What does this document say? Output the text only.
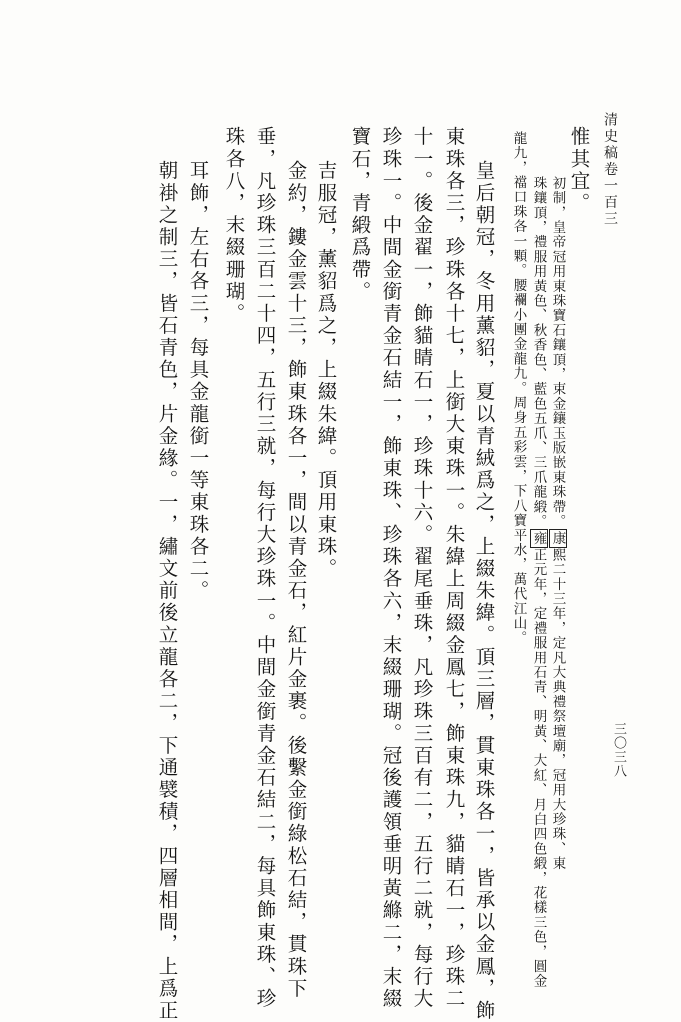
清史稿卷一百三
三〇三八
惟其宜。
初制，皇帝冠用東珠寶石鑲頂，束金鑲玉版嵌東珠帶。康熙二十三年，定凡大典禮祭壇廟，冠用大珍珠、東
珠鑲頂，禮服用黃色、秋香色、藍色五爪、三爪龍緞。雍正元年，定禮服用石青、明黃、大紅、月白四色緞，花樣三色，圓金
龍九，襠口珠各一顆。腰襴小團金龍九。周身五彩雲，下八寶平水，萬代江山。
皇后朝冠，冬用薰貂，夏以青絨爲之，上綴朱緯。頂三層，貫東珠各一，皆承以金鳳，飾
東珠各三，珍珠各十七，上銜大東珠一。朱緯上周綴金鳳七，飾東珠九，貓睛石一，珍珠二
十一。後金翟一，飾貓睛石一，珍珠十六。翟尾垂珠，凡珍珠三百有二，五行二就，每行大
珍珠一。中間金銜青金石結一，飾東珠、珍珠各六，末綴珊瑚。冠後護領垂明黃縧二，末綴
寶石，青緞爲帶。
吉服冠，薰貂爲之，上綴朱緯。頂用東珠。
金約，鏤金雲十三，飾東珠各一，間以青金石，紅片金裹。後繫金銜綠松石結，貫珠下
垂，凡珍珠三百二十四，五行三就，每行大珍珠一。中間金銜青金石結二，每具飾東珠、珍
珠各八，末綴珊瑚。
耳飾，左右各三，每具金龍銜一等東珠各二。
朝褂之制三，皆石青色，片金緣。一，繡文前後立龍各二，下通襞積，四層相間，上爲正
